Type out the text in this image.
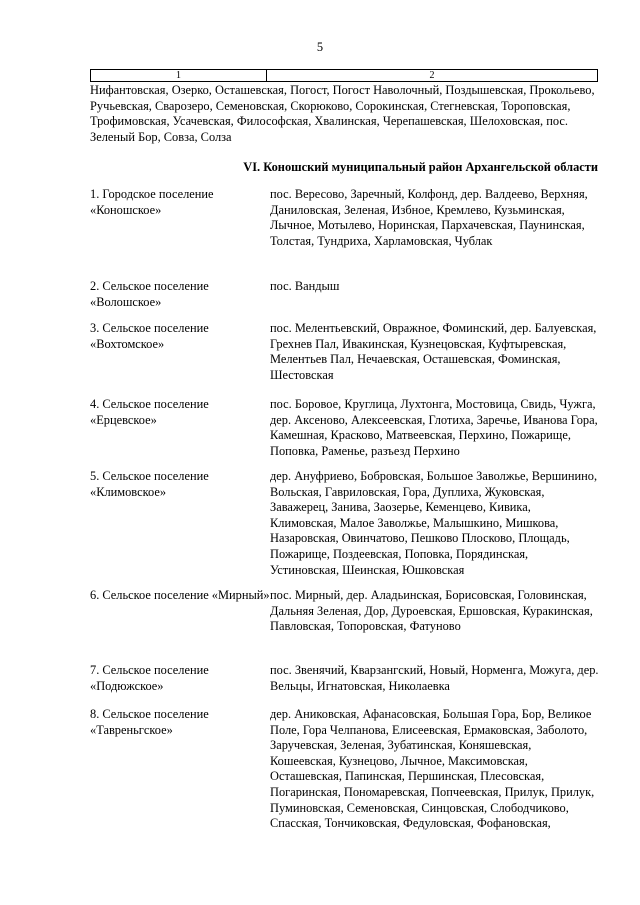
5
1	2
Нифантовская, Озерко, Осташевская, Погост, Погост Наволочный, Поздышевская, Прокольево, Ручьевская, Сварозеро, Семеновская, Скорюково, Сорокинская, Стегневская, Тороповская, Трофимовская, Усачевская, Философская, Хвалинская, Черепашевская, Шелоховская, пос. Зеленый Бор, Совза, Солза
VI. Коношский муниципальный район Архангельской области
1. Городское поселение «Коношское»
пос. Вересово, Заречный, Колфонд, дер. Валдеево, Верхняя, Даниловская, Зеленая, Избное, Кремлево, Кузьминская, Лычное, Мотылево, Норинская, Пархачевская, Паунинская, Толстая, Тундриха, Харламовская, Чублак
2. Сельское поселение «Волошское»
пос. Вандыш
3. Сельское поселение «Вохтомское»
пос. Мелентьевский, Овражное, Фоминский, дер. Балуевская, Грехнев Пал, Ивакинская, Кузнецовская, Куфтыревская, Мелентьев Пал, Нечаевская, Осташевская, Фоминская, Шестовская
4. Сельское поселение «Ерцевское»
пос. Боровое, Круглица, Лухтонга, Мостовица, Свидь, Чужга, дер. Аксеново, Алексеевская, Глотиха, Заречье, Иванова Гора, Камешная, Красково, Матвеевская, Перхино, Пожарище, Поповка, Раменье, разъезд Перхино
5. Сельское поселение «Климовское»
дер. Ануфриево, Бобровская, Большое Заволжье, Вершинино, Вольская, Гавриловская, Гора, Дуплиха, Жуковская, Заважерец, Занива, Заозерье, Кеменцево, Кивика, Климовская, Малое Заволжье, Малышкино, Мишкова, Назаровская, Овинчатово, Пешково Плосково, Площадь, Пожарище, Поздеевская, Поповка, Порядинская, Устиновская, Шеинская, Юшковская
6. Сельское поселение «Мирный» пос. Мирный, дер. Аладьинская, Борисовская, Головинская, Дальняя Зеленая, Дор, Дуроевская, Ершовская, Куракинская, Павловская, Топоровская, Фатуново
7. Сельское поселение «Подюжское»
пос. Звенячий, Кварзангский, Новый, Норменга, Можуга, дер. Вельцы, Игнатовская, Николаевка
8. Сельское поселение «Тавреньгское»
дер. Аниковская, Афанасовская, Большая Гора, Бор, Великое Поле, Гора Челпанова, Елисеевская, Ермаковская, Заболото, Заручевская, Зеленая, Зубатинская, Коняшевская, Кошеевская, Кузнецово, Лычное, Максимовская, Осташевская, Папинская, Першинская, Плесовская, Погаринская, Пономаревская, Попчеевская, Прилук, Прилук, Пуминовская, Семеновская, Синцовская, Слободчиково, Спасская, Тончиковская, Федуловская, Фофановская,
